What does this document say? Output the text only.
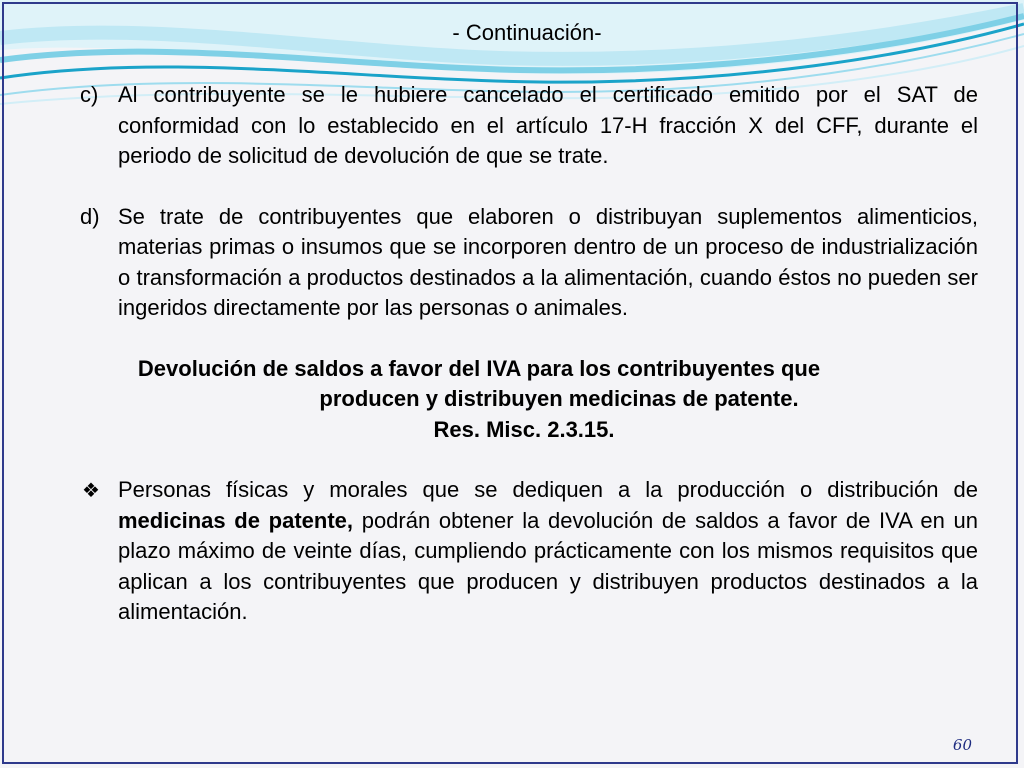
- Continuación-
c) Al contribuyente se le hubiere cancelado el certificado emitido por el SAT de conformidad con lo establecido en el artículo 17-H fracción X del CFF, durante el periodo de solicitud de devolución de que se trate.
d) Se trate de contribuyentes que elaboren o distribuyan suplementos alimenticios, materias primas o insumos que se incorporen dentro de un proceso de industrialización o transformación a productos destinados a la alimentación, cuando éstos no pueden ser ingeridos directamente por las personas o animales.
Devolución de saldos a favor del IVA para los contribuyentes que
producen y distribuyen medicinas de patente.
Res. Misc. 2.3.15.
❖ Personas físicas y morales que se dediquen a la producción o distribución de medicinas de patente, podrán obtener la devolución de saldos a favor de IVA en un plazo máximo de veinte días, cumpliendo prácticamente con los mismos requisitos que aplican a los contribuyentes que producen y distribuyen productos destinados a la alimentación.
60
